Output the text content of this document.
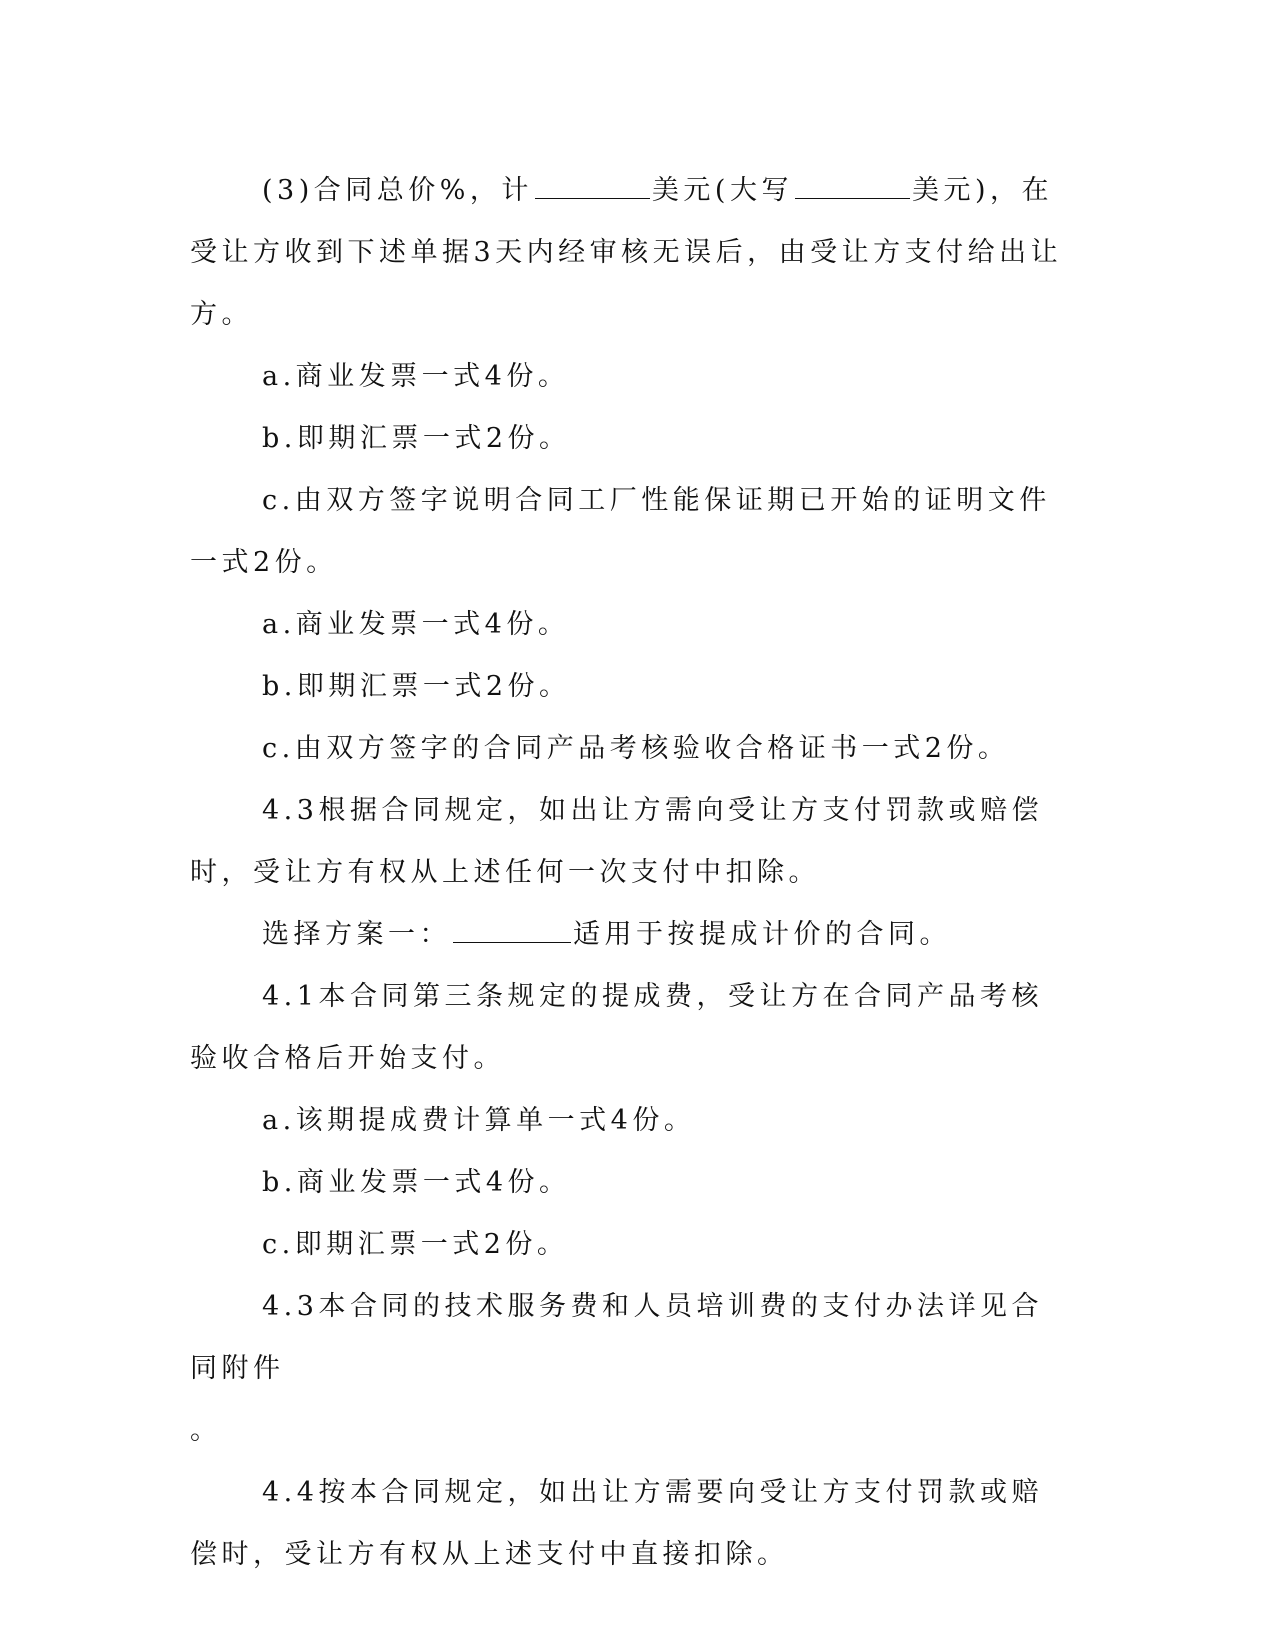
(3)合同总价%，计	美元(大写	美元)，在受让方收到下述单据3天内经审核无误后，由受让方支付给出让方。

a.商业发票一式4份。

b.即期汇票一式2份。

c.由双方签字说明合同工厂性能保证期已开始的证明文件一式2份。

a.商业发票一式4份。

b.即期汇票一式2份。

c.由双方签字的合同产品考核验收合格证书一式2份。

4.3根据合同规定，如出让方需向受让方支付罚款或赔偿时，受让方有权从上述任何一次支付中扣除。

选择方案一：	适用于按提成计价的合同。

4.1本合同第三条规定的提成费，受让方在合同产品考核验收合格后开始支付。

a.该期提成费计算单一式4份。

b.商业发票一式4份。

c.即期汇票一式2份。

4.3本合同的技术服务费和人员培训费的支付办法详见合同附件

。

4.4按本合同规定，如出让方需要向受让方支付罚款或赔偿时，受让方有权从上述支付中直接扣除。
